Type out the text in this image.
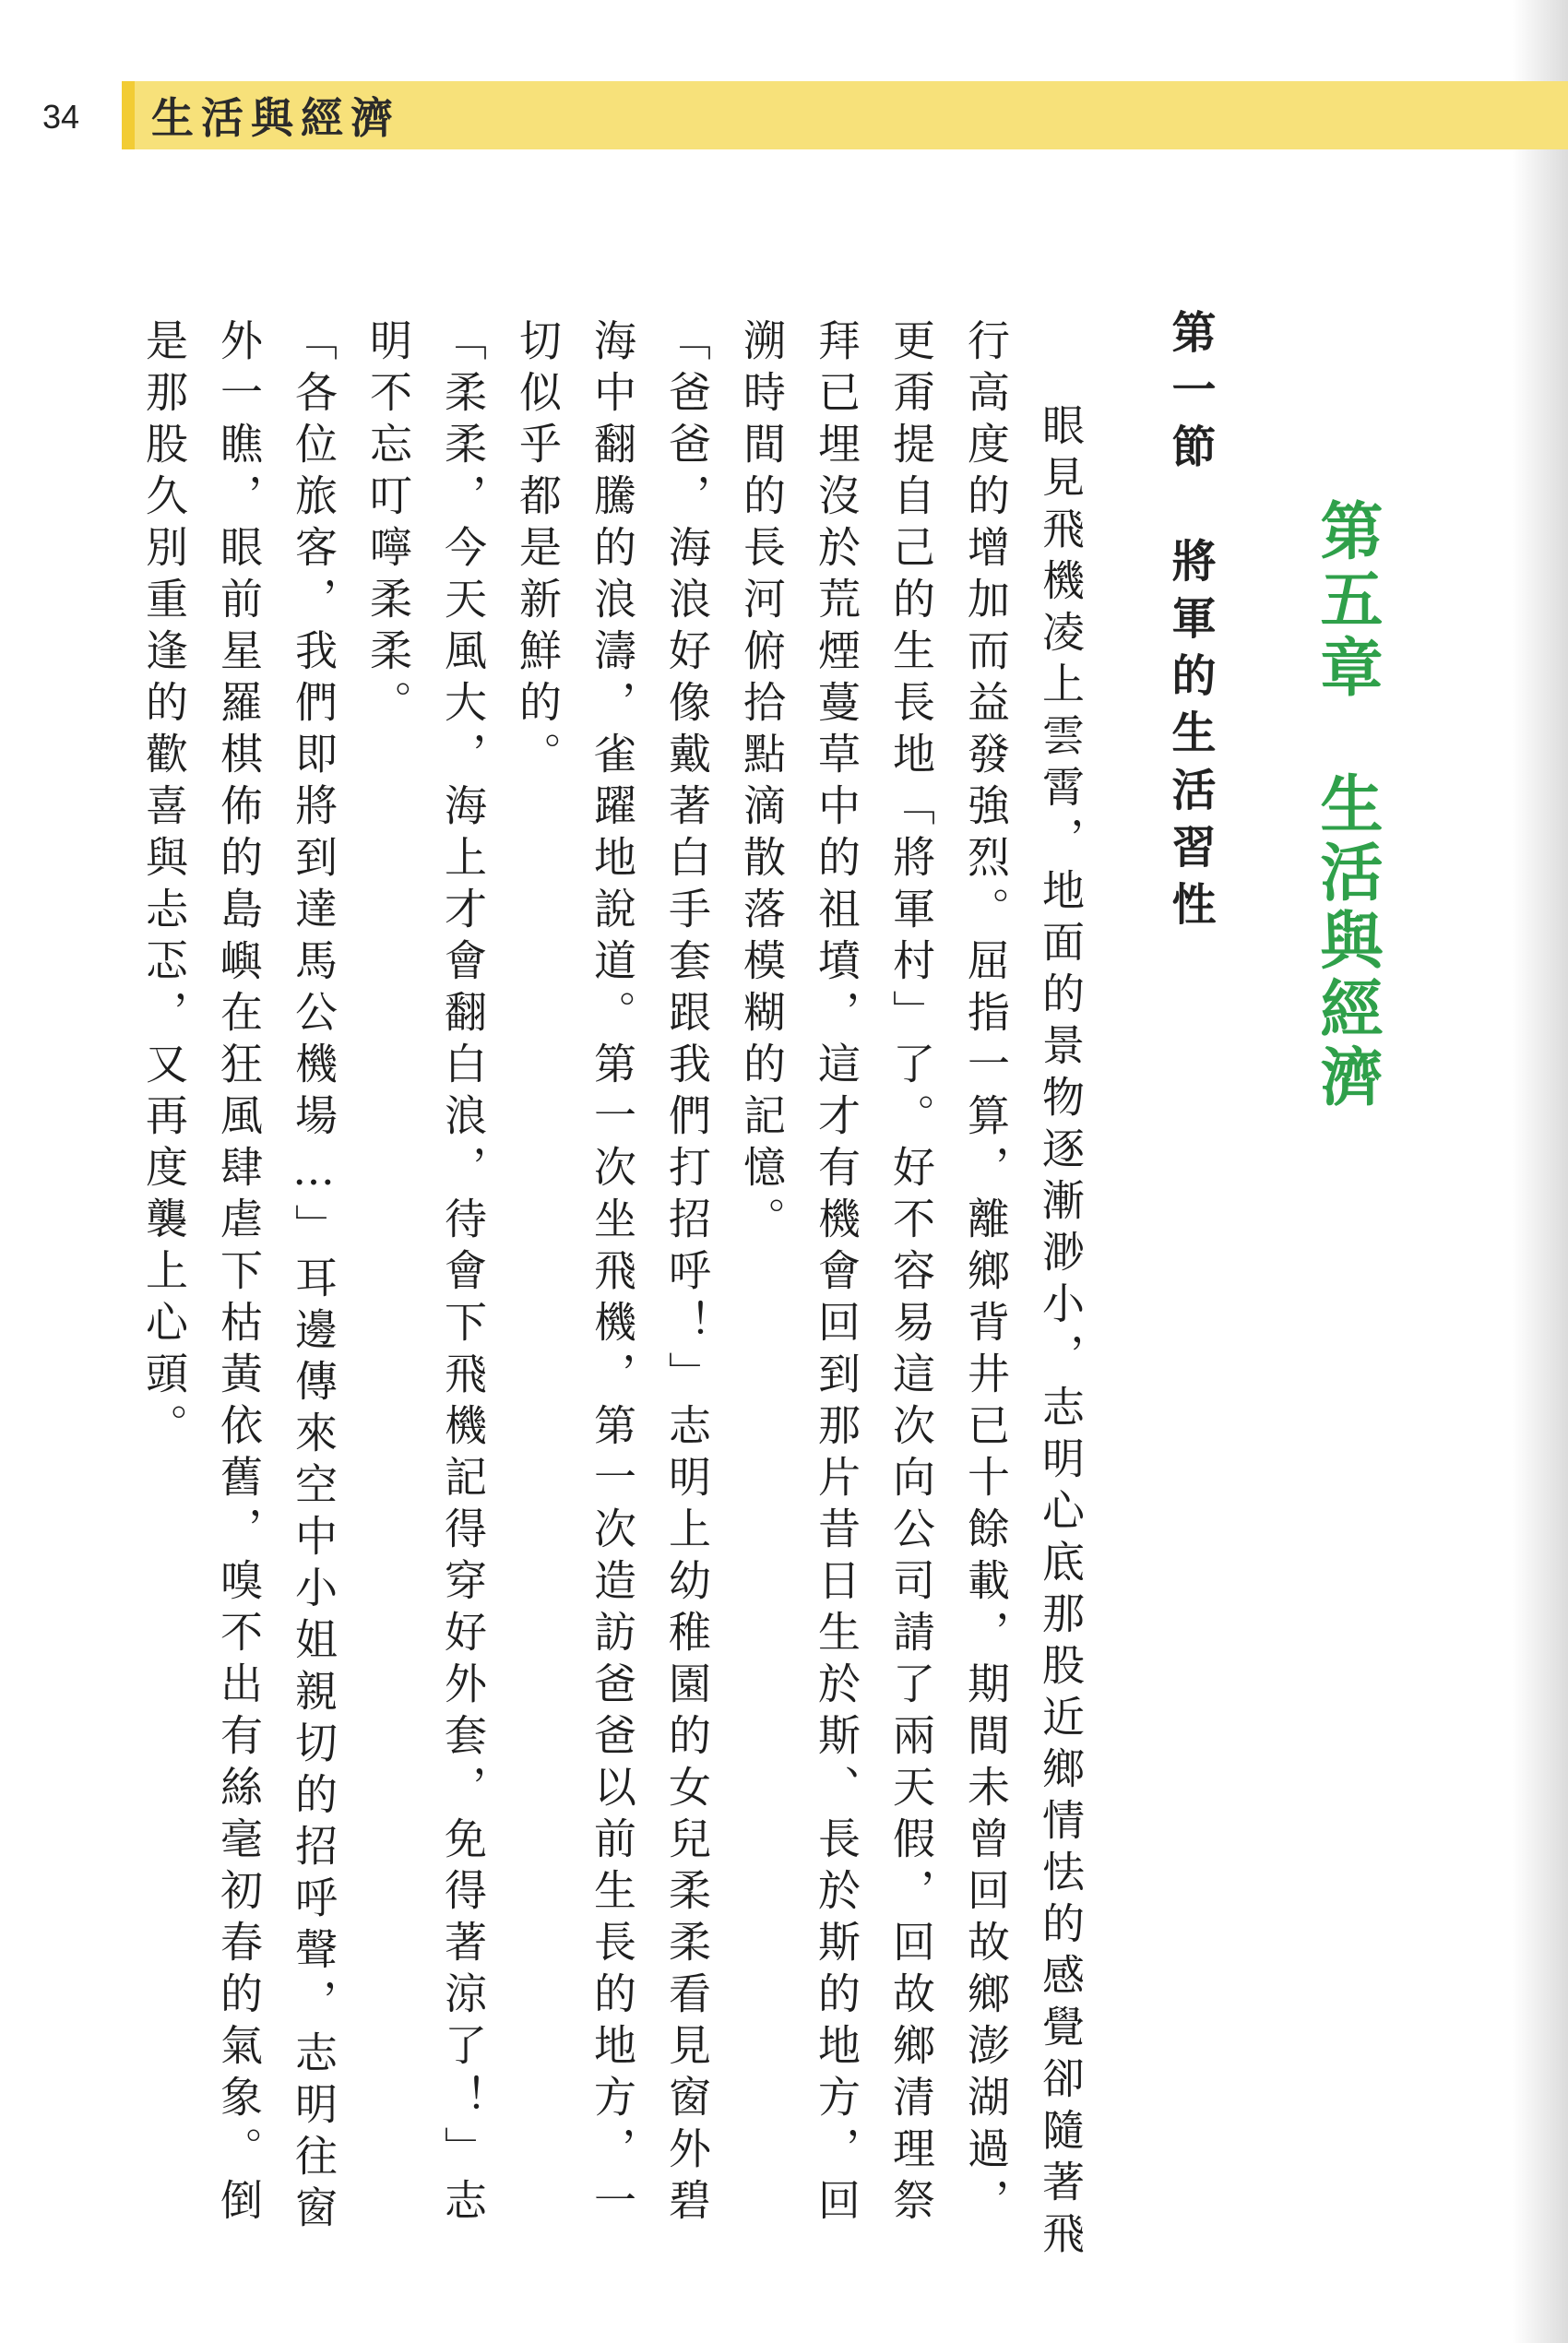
34	生活與經濟
第五章　生活與經濟
第一節　將軍的生活習性

眼見飛機凌上雲霄，地面的景物逐漸渺小，志明心底那股近鄉情怯的感覺卻隨著飛行高度的增加而益發強烈。屈指一算，離鄉背井已十餘載，期間未曾回故鄉澎湖過，更甭提自己的生長地「將軍村」了。好不容易這次向公司請了兩天假，回故鄉清理祭拜已埋沒於荒煙蔓草中的祖墳，這才有機會回到那片昔日生於斯、長於斯的地方，回溯時間的長河俯拾點滴散落模糊的記憶。

「爸爸，海浪好像戴著白手套跟我們打招呼！」志明上幼稚園的女兒柔柔看見窗外碧海中翻騰的浪濤，雀躍地說道。第一次坐飛機，第一次造訪爸爸以前生長的地方，一切似乎都是新鮮的。

「柔柔，今天風大，海上才會翻白浪，待會下飛機記得穿好外套，免得著涼了！」志明不忘叮嚀柔柔。

「各位旅客，我們即將到達馬公機場…」耳邊傳來空中小姐親切的招呼聲，志明往窗外一瞧，眼前星羅棋佈的島嶼在狂風肆虐下枯黃依舊，嗅不出有絲毫初春的氣象。倒是那股久別重逢的歡喜與忐忑，又再度襲上心頭。
